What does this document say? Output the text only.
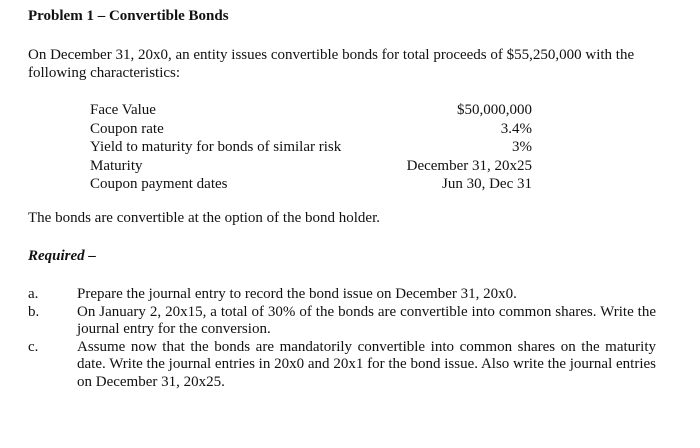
Problem 1 – Convertible Bonds
On December 31, 20x0, an entity issues convertible bonds for total proceeds of $55,250,000 with the following characteristics:
Face Value	$50,000,000
Coupon rate	3.4%
Yield to maturity for bonds of similar risk	3%
Maturity	December 31, 20x25
Coupon payment dates	Jun 30, Dec 31
The bonds are convertible at the option of the bond holder.
Required –
a.	Prepare the journal entry to record the bond issue on December 31, 20x0.
b.	On January 2, 20x15, a total of 30% of the bonds are convertible into common shares. Write the journal entry for the conversion.
c.	Assume now that the bonds are mandatorily convertible into common shares on the maturity date. Write the journal entries in 20x0 and 20x1 for the bond issue. Also write the journal entries on December 31, 20x25.
